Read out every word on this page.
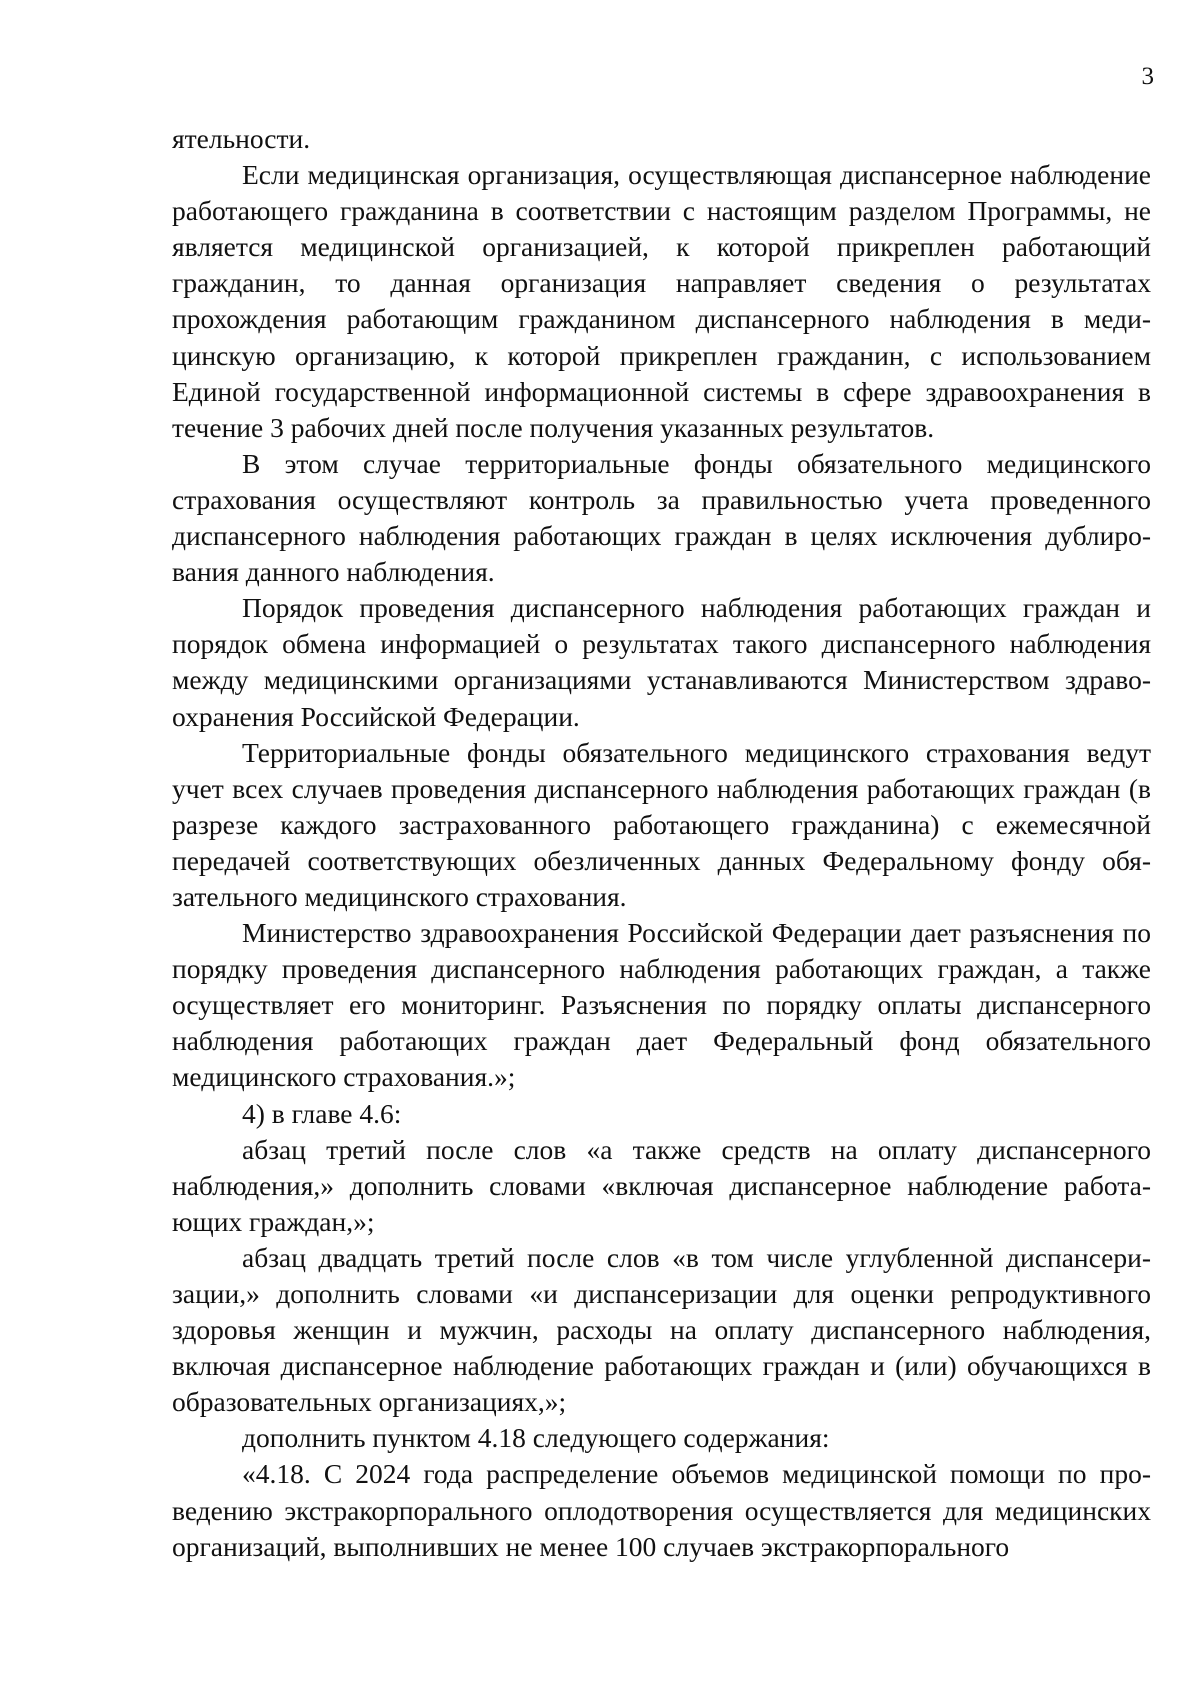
3

ятельности.

Если медицинская организация, осуществляющая диспансерное наблюдение работающего гражданина в соответствии с настоящим разделом Программы, не является медицинской организацией, к которой прикреплен работающий гражданин, то данная организация направляет сведения о результатах прохождения работающим гражданином диспансерного наблюдения в медицинскую организацию, к которой прикреплен гражданин, с использованием Единой государственной информационной системы в сфере здравоохранения в течение 3 рабочих дней после получения указанных результатов.

В этом случае территориальные фонды обязательного медицинского страхования осуществляют контроль за правильностью учета проведенного диспансерного наблюдения работающих граждан в целях исключения дублирования данного наблюдения.

Порядок проведения диспансерного наблюдения работающих граждан и порядок обмена информацией о результатах такого диспансерного наблюдения между медицинскими организациями устанавливаются Министерством здравоохранения Российской Федерации.

Территориальные фонды обязательного медицинского страхования ведут учет всех случаев проведения диспансерного наблюдения работающих граждан (в разрезе каждого застрахованного работающего гражданина) с ежемесячной передачей соответствующих обезличенных данных Федеральному фонду обязательного медицинского страхования.

Министерство здравоохранения Российской Федерации дает разъяснения по порядку проведения диспансерного наблюдения работающих граждан, а также осуществляет его мониторинг. Разъяснения по порядку оплаты диспансерного наблюдения работающих граждан дает Федеральный фонд обязательного медицинского страхования.»;

4) в главе 4.6:

абзац третий после слов «а также средств на оплату диспансерного наблюдения,» дополнить словами «включая диспансерное наблюдение работающих граждан,»;

абзац двадцать третий после слов «в том числе углубленной диспансеризации,» дополнить словами «и диспансеризации для оценки репродуктивного здоровья женщин и мужчин, расходы на оплату диспансерного наблюдения, включая диспансерное наблюдение работающих граждан и (или) обучающихся в образовательных организациях,»;

дополнить пунктом 4.18 следующего содержания:

«4.18. С 2024 года распределение объемов медицинской помощи по проведению экстракорпорального оплодотворения осуществляется для медицинских организаций, выполнивших не менее 100 случаев экстракорпорального
